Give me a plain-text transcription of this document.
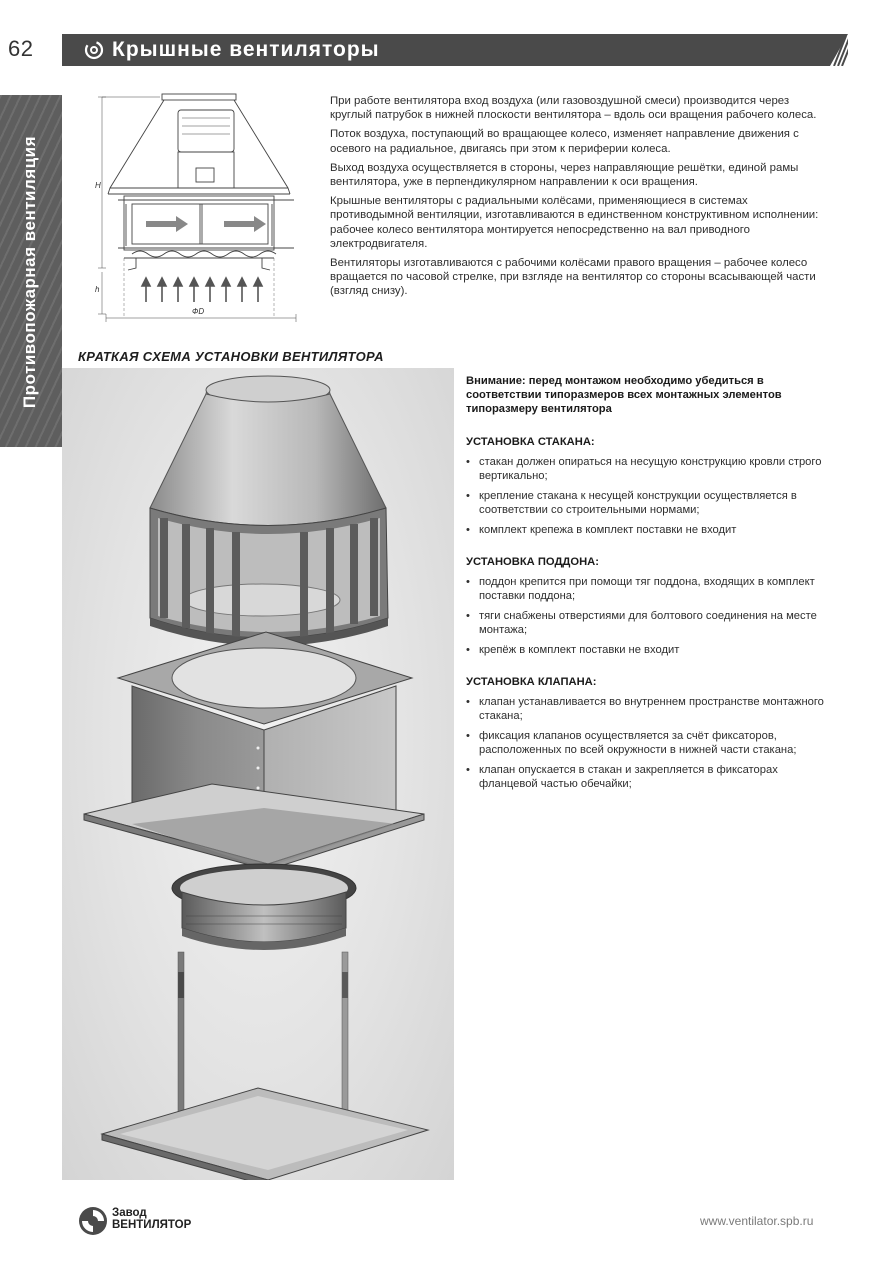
62	Крышные вентиляторы
Противопожарная вентиляция	H
h
ФD

При работе вентилятора вход воздуха (или газовоздушной смеси) производится через круглый патрубок в нижней плоскости вентилятора – вдоль оси вращения рабочего колеса.

Поток воздуха, поступающий во вращающее колесо, изменяет направление движения с осевого на радиальное, двигаясь при этом к периферии колеса.

Выход воздуха осуществляется в стороны, через направляющие решётки, единой рамы вентилятора, уже в перпендикулярном направлении к оси вращения.

Крышные вентиляторы с радиальными колёсами, применяющиеся в системах противодымной вентиляции, изготавливаются в единственном конструктивном исполнении: рабочее колесо вентилятора монтируется непосредственно на вал приводного электродвигателя.

Вентиляторы изготавливаются с рабочими колёсами правого вращения – рабочее колесо вращается по часовой стрелке, при взгляде на вентилятор со стороны всасывающей части (взгляд снизу).

КРАТКАЯ СХЕМА УСТАНОВКИ ВЕНТИЛЯТОРА

Внимание: перед монтажом необходимо убедиться в соответствии типоразмеров всех монтажных элементов типоразмеру вентилятора

УСТАНОВКА СТАКАНА:

• стакан должен опираться на несущую конструкцию кровли строго вертикально;
• крепление стакана к несущей конструкции осуществляется в соответствии со строительными нормами;
• комплект крепежа в комплект поставки не входит

УСТАНОВКА ПОДДОНА:

• поддон крепится при помощи тяг поддона, входящих в комплект поставки поддона;
• тяги снабжены отверстиями для болтового соединения на месте монтажа;
• крепёж в комплект поставки не входит

УСТАНОВКА КЛАПАНА:

• клапан устанавливается во внутреннем пространстве монтажного стакана;
• фиксация клапанов осуществляется за счёт фиксаторов, расположенных по всей окружности в нижней части стакана;
• клапан опускается в стакан и закрепляется в фиксаторах фланцевой частью обечайки;
Завод
ВЕНТИЛЯТОР	www.ventilator.spb.ru
